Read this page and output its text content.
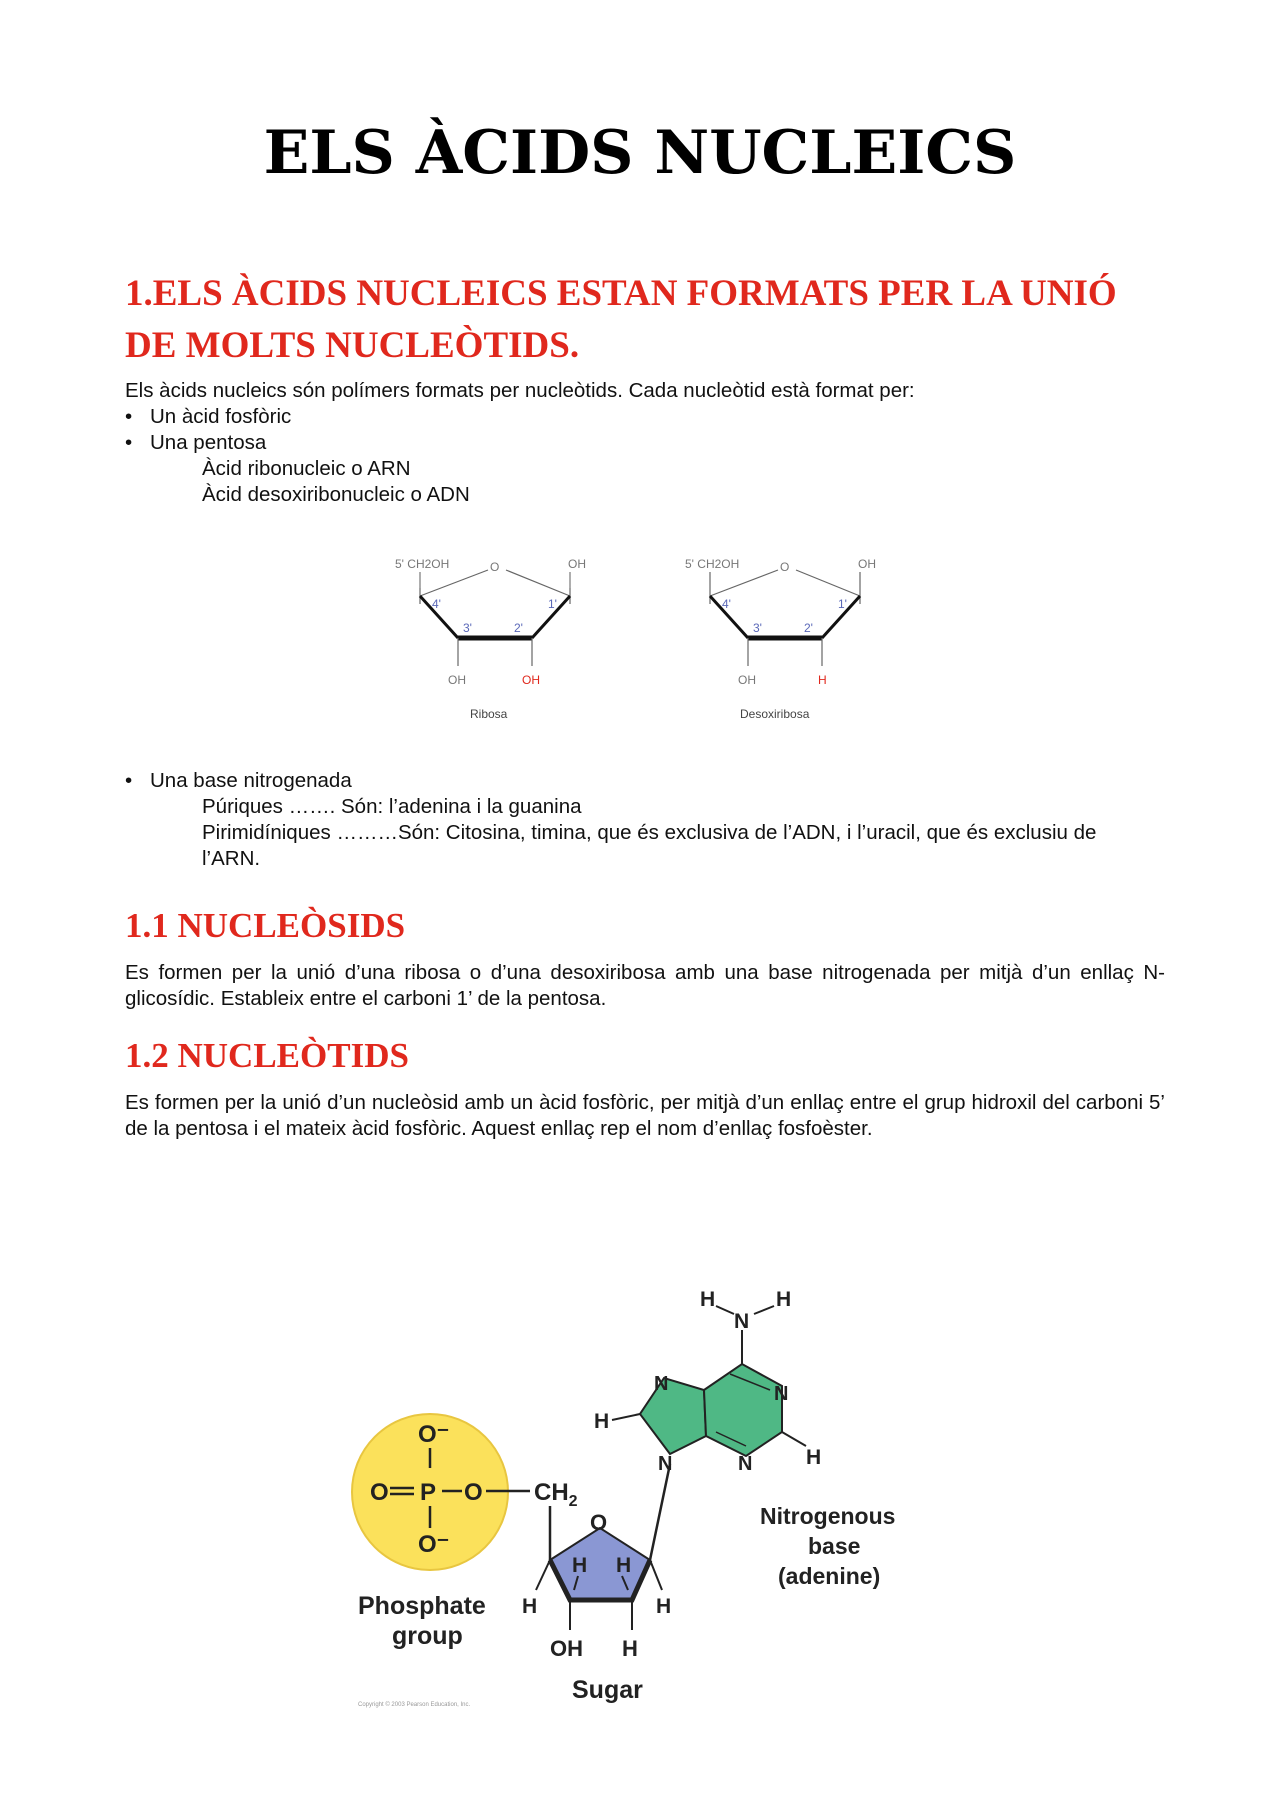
ELS ÀCIDS NUCLEICS
1.ELS ÀCIDS NUCLEICS ESTAN FORMATS PER LA UNIÓ DE MOLTS NUCLEÒTIDS.

Els àcids nucleics són polímers formats per nucleòtids. Cada nucleòtid està format per:

• Un àcid fosfòric
• Una pentosa
Àcid ribonucleic o ARN
Àcid desoxiribonucleic o ADN
5' CH2OH	O	OH
4'	1'
3'	2'
OH	OH
Ribosa
5' CH2OH	O	OH
4'	1'
3'	2'
OH	H
Desoxiribosa
• Una base nitrogenada
Púriques ……. Són: l’adenina i la guanina
Pirimidíniques ………Són: Citosina, timina, que és exclusiva de l’ADN, i l’uracil, que és exclusiu de l’ARN.
1.1 NUCLEÒSIDS

Es formen per la unió d’una ribosa o d’una desoxiribosa amb una base nitrogenada per mitjà d’un enllaç N-glicosídic. Estableix entre el carboni 1’ de la pentosa.

1.2 NUCLEÒTIDS

Es formen per la unió d’un nucleòsid amb un àcid fosfòric, per mitjà d’un enllaç entre el grup hidroxil del carboni 5’ de la pentosa i el mateix àcid fosfòric. Aquest enllaç rep el nom d’enllaç fosfoèster.

O⁻
O P O
O⁻
$CH_2$
Phosphate
group
O
H H
H	H
OH H
Sugar
N
N	N
N
H
H
N
H	H
Nitrogenous
base
(adenine)
Copyright © 2003 Pearson Education, Inc.
